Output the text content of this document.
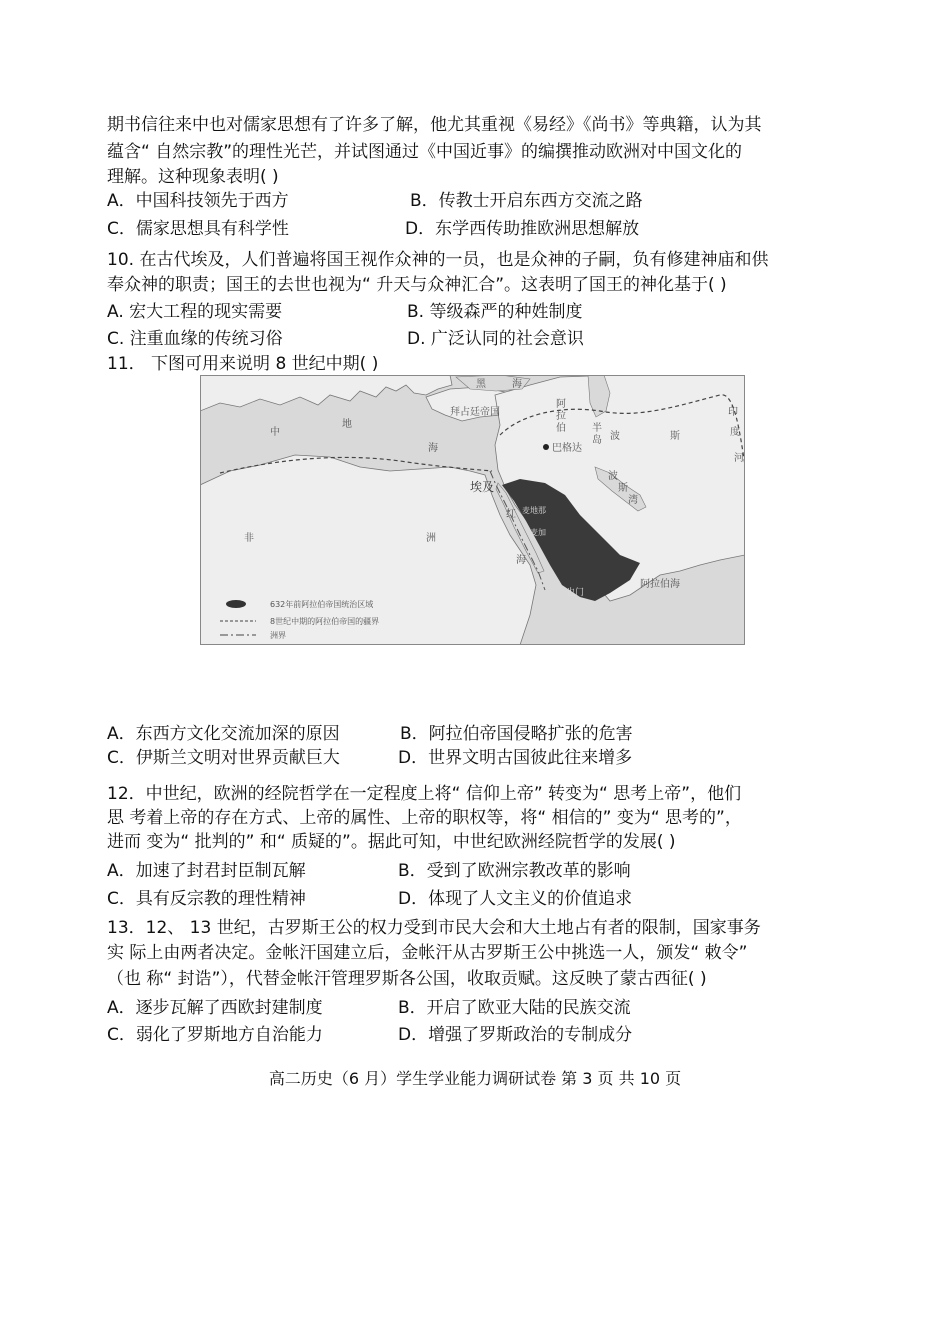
期书信往来中也对儒家思想有了许多了解，他尤其重视《易经》《尚书》等典籍，认为其
蕴含“ 自然宗教”的理性光芒，并试图通过《中国近事》的编撰推动欧洲对中国文化的
理解。这种现象表明( )
A．中国科技领先于西方	B．传教士开启东西方交流之路
C．儒家思想具有科学性	D．东学西传助推欧洲思想解放
10. 在古代埃及，人们普遍将国王视作众神的一员，也是众神的子嗣，负有修建神庙和供
奉众神的职责；国王的去世也视为“ 升天与众神汇合”。这表明了国王的神化基于( )
A. 宏大工程的现实需要	B. 等级森严的种姓制度
C. 注重血缘的传统习俗	D. 广泛认同的社会意识
11． 下图可用来说明 8 世纪中期( )
黑	海
拜占廷帝国
中
地
海
阿
拉
伯	半
岛
巴格达
波	斯
波
斯
湾
埃及
红
海
麦地那
麦加
也门
非	洲
阿拉伯海
印
度
河
632年前阿拉伯帝国统治区域
8世纪中期的阿拉伯帝国的疆界
洲界
A．东西方文化交流加深的原因	B．阿拉伯帝国侵略扩张的危害
C．伊斯兰文明对世界贡献巨大	D．世界文明古国彼此往来增多
12．中世纪，欧洲的经院哲学在一定程度上将“ 信仰上帝” 转变为“ 思考上帝”，他们
思 考着上帝的存在方式、上帝的属性、上帝的职权等，将“ 相信的” 变为“ 思考的”，
进而 变为“ 批判的” 和“ 质疑的”。据此可知，中世纪欧洲经院哲学的发展( )
A．加速了封君封臣制瓦解	B．受到了欧洲宗教改革的影响
C．具有反宗教的理性精神	D．体现了人文主义的价值追求
13．12、 13 世纪，古罗斯王公的权力受到市民大会和大土地占有者的限制，国家事务
实 际上由两者决定。金帐汗国建立后，金帐汗从古罗斯王公中挑选一人，颁发“ 敕令”
（也 称“ 封诰”），代替金帐汗管理罗斯各公国，收取贡赋。这反映了蒙古西征( )
A．逐步瓦解了西欧封建制度	B．开启了欧亚大陆的民族交流
C．弱化了罗斯地方自治能力	D．增强了罗斯政治的专制成分
高二历史（6 月）学生学业能力调研试卷 第 3 页 共 10 页
